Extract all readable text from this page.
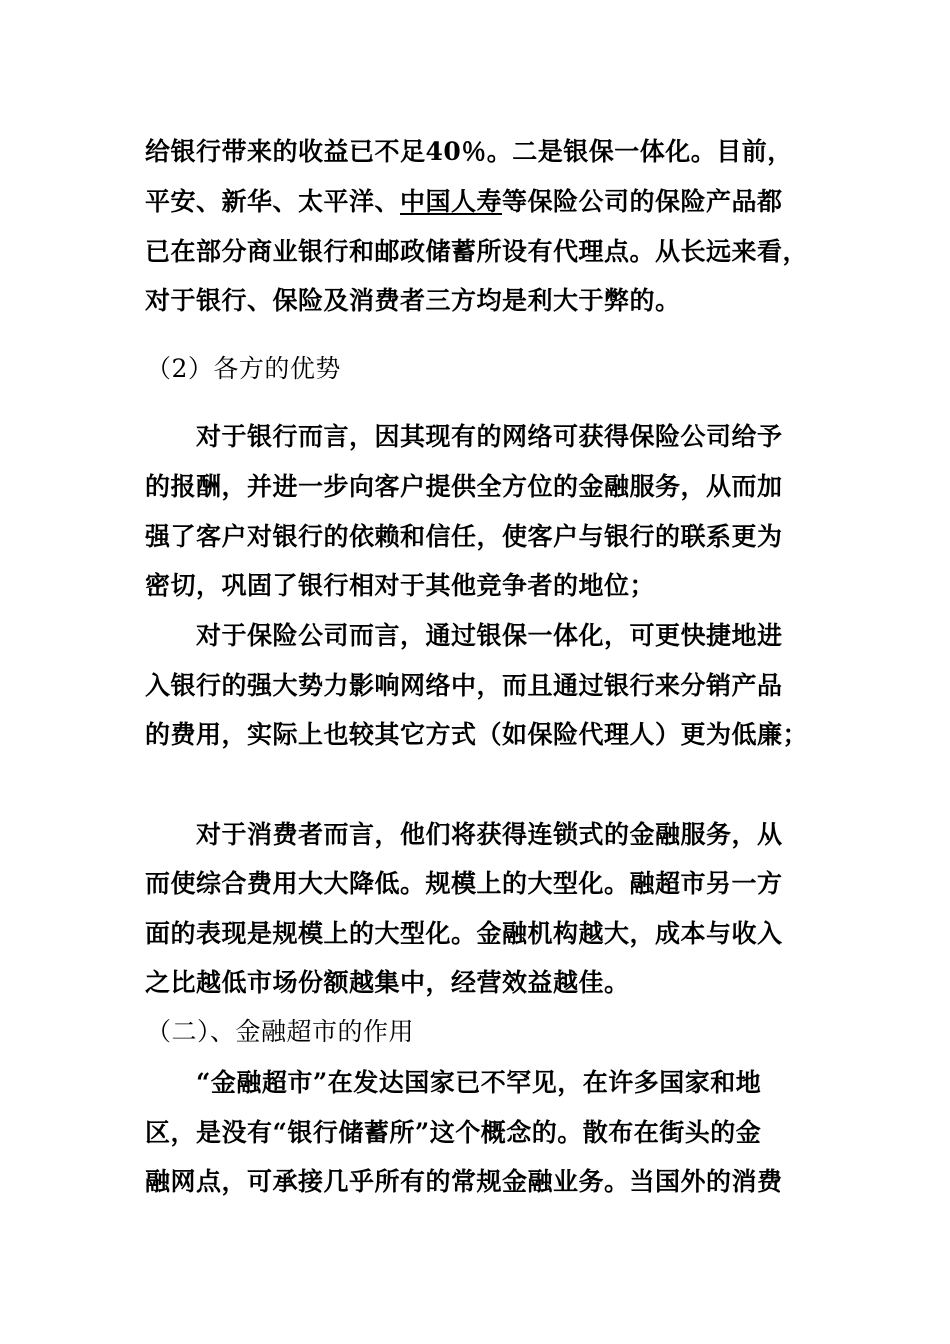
给银行带来的收益已不足40％。二是银保一体化。目前，
平安、新华、太平洋、中国人寿等保险公司的保险产品都
已在部分商业银行和邮政储蓄所设有代理点。从长远来看，
对于银行、保险及消费者三方均是利大于弊的。
（2）各方的优势
对于银行而言，因其现有的网络可获得保险公司给予
的报酬，并进一步向客户提供全方位的金融服务，从而加
强了客户对银行的依赖和信任，使客户与银行的联系更为
密切，巩固了银行相对于其他竞争者的地位；
对于保险公司而言，通过银保一体化，可更快捷地进
入银行的强大势力影响网络中，而且通过银行来分销产品
的费用，实际上也较其它方式（如保险代理人）更为低廉；
对于消费者而言，他们将获得连锁式的金融服务，从
而使综合费用大大降低。规模上的大型化。融超市另一方
面的表现是规模上的大型化。金融机构越大，成本与收入
之比越低市场份额越集中，经营效益越佳。
（二）、金融超市的作用
“金融超市”在发达国家已不罕见，在许多国家和地
区，是没有“银行储蓄所”这个概念的。散布在街头的金
融网点，可承接几乎所有的常规金融业务。当国外的消费
